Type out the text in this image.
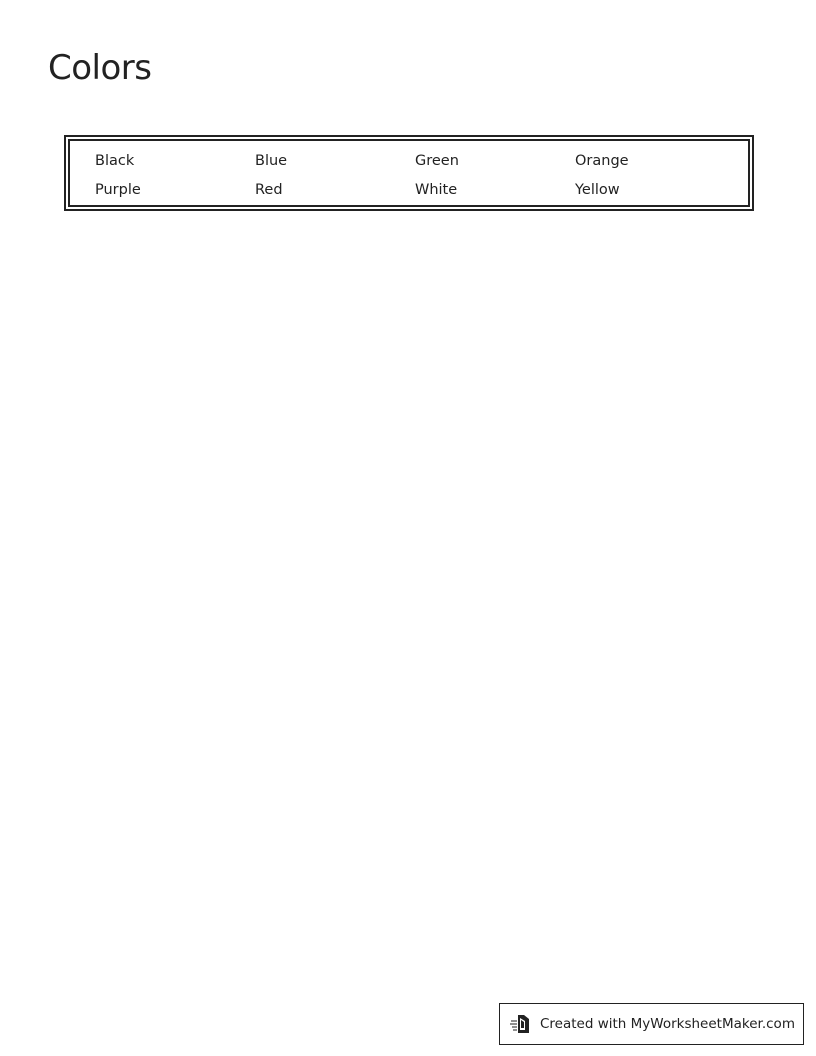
Colors
Black	Blue	Green	Orange
Purple	Red	White	Yellow
Created with MyWorksheetMaker.com
